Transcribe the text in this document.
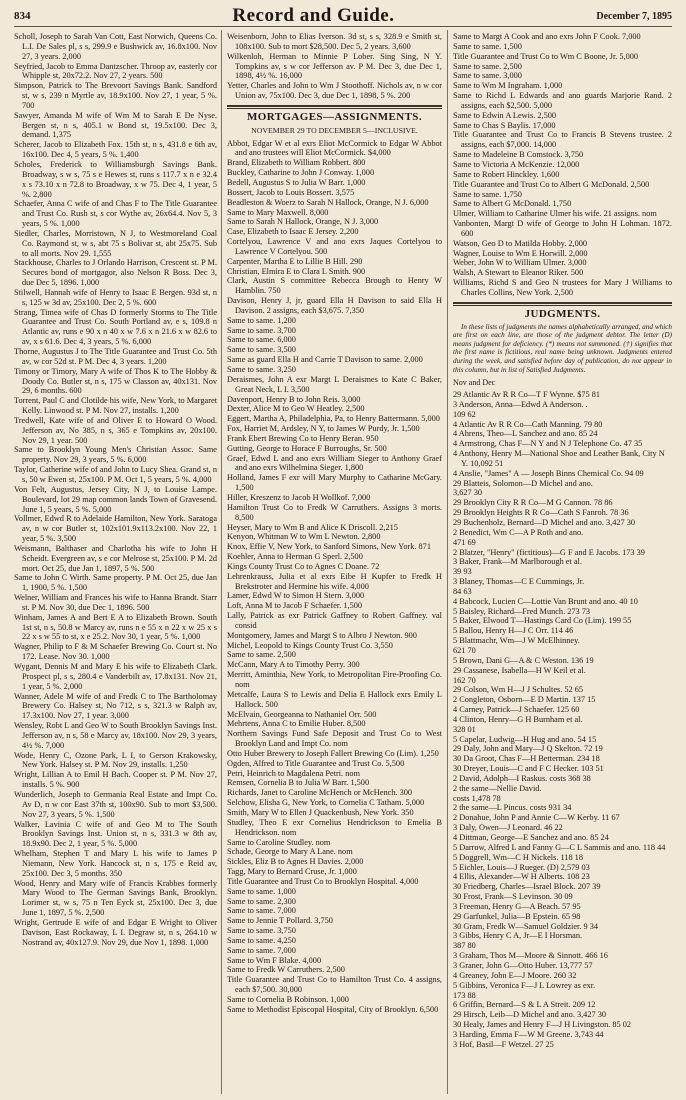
834	Record and Guide.	December 7, 1895

Scholl, Joseph to Sarah Van Cott, East Norwich, Queens Co. L.I. De Sales pl, s s, 299.9 e Bushwick av, 16.8x100. Nov 27, 3 years. 2,000

Seyfried, Jacob to Emma Dantzscher. Throop av, easterly cor Whipple st, 20x72.2. Nov 27, 2 years. 500

Simpson, Patrick to The Brevoort Savings Bank. Sandford st, w s, 239 n Myrtle av, 18.9x100. Nov 27, 1 year, 5 %. 700

Sawyer, Amanda M wife of Wm M to Sarah E De Nyse. Bergen st, n s, 405.1 w Bond st, 19.5x100. Dec 3, demand. 1,375

Scherer, Jacob to Elizabeth Fox. 15th st, n s, 431.8 e 6th av, 16x100. Dec 4, 5 years, 5 %. 1,400

Scholes, Frederick to Williamsburgh Savings Bank. Broadway, s w s, 75 s e Hewes st, runs s 117.7 x n e 32.4 x s 73.10 x n 72.8 to Broadway, x w 75. Dec 4, 1 year, 5 %. 2,800

Schaefer, Anna C wife of and Chas F to The Title Guarantee and Trust Co. Rush st, s cor Wythe av, 26x64.4. Nov 5, 3 years, 5 %. 1,000

Siedler, Charles, Morristown, N J, to Westmoreland Coal Co. Raymond st, w s, abt 75 s Bolivar st, abt 25x75. Sub to all morts. Nov 29. 1,555

Stackhouse, Charles to J Orlando Harrison, Crescent st. P M. Secures bond of mortgagor, also Nelson R Boss. Dec 3, due Dec 5, 1896. 1,000

Stilwell, Hannah wife of Henry to Isaac E Bergen. 93d st, n s, 125 w 3d av, 25x100. Dec 2, 5 %. 600

Strang, Timea wife of Chas D formerly Storms to The Title Guarantee and Trust Co. South Portland av, e s, 109.8 n Atlantic av, runs e 90 x n 40 x w 7.6 x n 21.6 x w 82.6 to av, x s 61.6. Dec 4, 3 years, 5 %. 6,000

Thorne, Augustus J to The Title Guarantee and Trust Co. 5th av, w cor 52d st. P M. Dec 4, 3 years. 1,200

Timony or Timory, Mary A wife of Thos K to The Hobby & Doody Co. Butler st, n s, 175 w Classon av, 40x131. Nov 29, 6 months. 600

Torrent, Paul C and Clotilde his wife, New York, to Margaret Kelly. Linwood st. P M. Nov 27, installs. 1,200

Tredwell, Kate wife of and Oliver E to Howard O Wood. Jefferson av, No 385, n s, 365 e Tompkins av, 20x100. Nov 29, 1 year. 500

Same to Brooklyn Young Men's Christian Assoc. Same property. Nov 29, 3 years, 5 %. 6,000

Taylor, Catherine wife of and John to Lucy Shea. Grand st, n s, 50 w Ewen st, 25x100. P M. Oct 1, 5 years, 5 %. 4,000

Von Felt, Augustus, Jersey City, N J, to Louise Lampe. Boulevard, lot 29 map common lands Town of Gravesend. June 1, 5 years, 5 %. 5,000

Vollmer, Edwd R to Adelaide Hamilton, New York. Saratoga av, n w cor Butler st, 102x101.9x113.2x100. Nov 22, 1 year, 5 %. 3,500

Weismann, Balthaser and Charlotha his wife to John H Scheidt. Evergreen av, s e cor Melrose st, 25x100. P M. 2d mort. Oct 25, due Jan 1, 1897, 5 %. 500

Same to John C Wirth. Same property. P M. Oct 25, due Jan 1, 1900, 5 %. 1,500

Welner, William and Frances his wife to Hanna Brandt. Starr st. P M. Nov 30, due Dec 1, 1896. 500

Winham, James A and Bert E A to Elizabeth Brown. South 1st st, n s, 50.8 w Marcy av, runs n e 55 x n 22 x w 25 x s 22 x s w 55 to st, x e 25.2. Nov 30, 1 year, 5 %. 1,000

Wagner, Philip to F & M Schaefer Brewing Co. Court st. No 172. Lease. Nov 30. 1,000

Wygant, Dennis M and Mary E his wife to Elizabeth Clark. Prospect pl, s s, 280.4 e Vanderbilt av, 17.8x131. Nov 21, 1 year, 5 %. 2,000

Wanner, Adele M wife of and Fredk C to The Bartholomay Brewery Co. Halsey st, No 712, s s, 321.3 w Ralph av, 17.3x100. Nov 27, 1 year. 3,000

Wensley, Robt L and Geo W to South Brooklyn Savings Inst. Jefferson av, n s, 58 e Marcy av, 18x100. Nov 29, 3 years, 4½ %. 7,000

Wode, Henry C, Ozone Park, L I, to Gerson Krakowsky, New York. Halsey st. P M. Nov 29, installs. 1,250

Wright, Lillian A to Emil H Bach. Cooper st. P M. Nov 27, installs. 5 %. 900

Wunderlich, Joseph to Germania Real Estate and Impt Co. Av D, n w cor East 37th st, 100x90. Sub to mort $3,500. Nov 27, 3 years, 5 %. 1,500

Walker, Lavinia C wife of and Geo M to The South Brooklyn Savings Inst. Union st, n s, 331.3 w 8th av, 18.9x90. Dec 2, 1 year, 5 %. 5,000

Whelham, Stephen T and Mary L his wife to James P Niemann, New York. Hancock st, n s, 175 e Reid av, 25x100. Dec 3, 5 months. 350

Wood, Henry and Mary wife of Francis Krabbes formerly Mary Wood to The German Savings Bank, Brooklyn. Lorimer st, w s, 75 n Ten Eyck st, 25x100. Dec 3, due June 1, 1897, 5 %. 2,500

Wright, Gertrude E wife of and Edgar E Wright to Oliver Davison, East Rockaway, L I. Degraw st, n s, 264.10 w Nostrand av, 40x127.9. Nov 29, due Nov 1, 1898. 1,000

Weisenborn, John to Elias Iverson. 3d st, s s, 328.9 e Smith st, 108x100. Sub to mort $28,500. Dec 5, 2 years. 3,600

Wilkenloh, Herman to Minnie P Lober. Sing Sing, N Y. Tompkins av, s w cor Jefferson av. P M. Dec 3, due Dec 1, 1898, 4½ %. 16,000

Yetter, Charles and John to Wm J Stoothoff. Nichols av, n w cor Union av, 75x100. Dec 3, due Dec 1, 1898, 5 %. 200

MORTGAGES—ASSIGNMENTS.
NOVEMBER 29 TO DECEMBER 5—INCLUSIVE.

Abbot, Edgar W et al exrs Eliot McCormick to Edgar W Abbot and ano trustees will Eliot McCormick. $4,000

Brand, Elizabeth to William Robbert. 800

Buckley, Catharine to John J Conway. 1,000

Bedell, Augustus S to Julia W Barr. 1,000

Bossert, Jacob to Louis Bossert. 3,575

Beadleston & Woerz to Sarah N Hallock, Orange, N J. 6,000

Same to Mary Maxwell. 8,000

Same to Sarah N Hallock, Orange, N J. 3,000

Case, Elizabeth to Isaac E Jersey. 2,200

Cortelyou, Lawrence V and ano exrs Jaques Cortelyou to Lawrence V Cortelyou. 500

Carpenter, Martha E to Lillie B Hill. 290

Christian, Elmira E to Clara L Smith. 900

Clark, Austin S committee Rebecca Brough to Henry W Hamblin. 750

Davison, Henry J, jr, guard Ella H Davison to said Ella H Davison. 2 assigns, each $3,675. 7,350

Same to same. 1,200

Same to same. 3,700

Same to same. 6,000

Same to same. 3,500

Same as guard Ella H and Carrie T Davison to same. 2,000

Same to same. 3,250

Deraismes, John A exr Margt L Deraismes to Kate C Baker, Great Neck, L I. 3,500

Davenport, Henry B to John Reis. 3,000

Dexter, Alice M to Geo W Heatley. 2,500

Eggert, Martha A, Philadelphia, Pa, to Henry Battermann. 5,000

Fox, Harriet M, Ardsley, N Y, to James W Purdy, Jr. 1,500

Frank Ebert Brewing Co to Henry Beran. 950

Gutting, George to Horace F Burroughs, Sr. 500

Graef, Edwd L and ano exrs William Sieger to Anthony Graef and ano exrs Wilhelmina Sieger. 1,800

Holland, James F exr will Mary Murphy to Catharine McGary. 1,500

Hiller, Kreszenz to Jacob H Wollkof. 7,000

Hamilton Trust Co to Fredk W Carruthers. Assigns 3 morts. 8,500

Heyser, Mary to Wm B and Alice K Driscoll. 2,215

Kenyon, Whitman W to Wm L Newton. 2,800

Knox, Effie V, New York, to Sanford Simons, New York. 871

Koehler, Anna to Herman G Sperl. 2,500

Kings County Trust Co to Agnes C Doane. 72

Lehrenkrauss, Julia et al exrs Eibe H Kupfer to Fredk H Brekstroter and Hermine his wife. 4,000

Lamer, Edwd W to Simon H Stern. 3,000

Loft, Anna M to Jacob F Schaefer. 1,500

Lally, Patrick as exr Patrick Gaffney to Robert Gaffney. val consid

Montgomery, James and Margt S to Albro J Newton. 900

Michel, Leopold to Kings County Trust Co. 3,550

Same to same. 2,500

McCann, Mary A to Timothy Perry. 300

Merritt, Aminthia, New York, to Metropolitan Fire-Proofing Co. nom

Metcalfe, Laura S to Lewis and Delia E Hallock exrs Emily L Hallock. 500

McElvain, Georgeanna to Nathaniel Orr. 500

Mehrtens, Anna C to Emilie Huber. 8,500

Northern Savings Fund Safe Deposit and Trust Co to West Brooklyn Land and Impt Co. nom

Otto Huber Brewery to Joseph Fallert Brewing Co (Lim). 1,250

Ogden, Alfred to Title Guarantee and Trust Co. 5,500

Petri, Heinrich to Magdalena Petri. nom

Remsen, Cornelia B to Julia W Barr. 1,500

Richards, Janet to Caroline McHench or McHench. 300

Selchow, Elisha G, New York, to Cornelia C Tatham. 5,000

Smith, Mary W to Ellen J Quackenbush, New York. 350

Studley, Theo E exr Cornelius Hendrickson to Emelia B Hendrickson. nom

Same to Caroline Studley. nom

Schade, George to Mary A Lane. nom

Sickles, Eliz B to Agnes H Davies. 2,000

Tagg, Mary to Bernard Cruse, Jr. 1,000

Title Guarantee and Trust Co to Brooklyn Hospital. 4,000

Same to same. 1,000

Same to same. 2,300

Same to same. 7,000

Same to Jennie T Pollard. 3,750

Same to same. 3,750

Same to same. 4,250

Same to same. 7,000

Same to Wm F Blake. 4,000

Same to Fredk W Carruthers. 2,500

Title Guarantee and Trust Co to Hamilton Trust Co. 4 assigns, each $7,500. 30,000

Same to Cornelia B Robinson. 1,000

Same to Methodist Episcopal Hospital, City of Brooklyn. 6,500

Same to Margt A Cook and ano exrs John F Cook. 7,000

Same to same. 1,500

Title Guarantee and Trust Co to Wm C Boone, Jr. 5,000

Same to same. 2,500

Same to same. 3,000

Same to Wm M Ingraham. 1,000

Same to Richd L Edwards and ano guards Marjorie Rand. 2 assigns, each $2,500. 5,000

Same to Edwin A Lewis. 2,500

Same to Chas S Baylis. 17,000

Title Guarantee and Trust Co to Francis B Stevens trustee. 2 assigns, each $7,000. 14,000

Same to Madeleine B Comstock. 3,750

Same to Victoria A McKenzie. 12,000

Same to Robert Hinckley. 1,600

Title Guarantee and Trust Co to Albert G McDonald. 2,500

Same to same. 1,750

Same to Albert G McDonald. 1,750

Ulmer, William to Catharine Ulmer his wife. 21 assigns. nom

Vanbonten, Margt D wife of George to John H Lohman. 1872. 600

Watson, Geo D to Matilda Hobby. 2,000

Wagner, Louise to Wm E Horwill. 2,000

Weber, John W to William Ulmer. 3,000

Walsh, A Stewart to Eleanor Riker. 500

Williams, Richd S and Geo N trustees for Mary J Williams to Charles Collins, New York. 2,500

JUDGMENTS.

In these lists of judgments the names alphabetically arranged, and which are first on each line, are those of the judgment debtor. The letter (D) means judgment for deficiency. (*) means not summoned. (†) signifies that the first name is fictitious, real name being unknown. Judgments entered during the week, and satisfied before day of publication, do not appear in this column, but in list of Satisfied Judgments.

Nov and Dec

29 Atlantic Av R R Co—T F Wynne. $75 81

3 Anderson, Anna—Edwd A Anderson. .

109 62

4 Atlantic Av R R Co—Cath Manning. 79 80

4 Ahrens, Theo—L Sanchez and ano. 85 24

4 Armstrong, Chas F—N Y and N J Telephone Co. 47 35

4 Anthony, Henry M—National Shoe and Leather Bank, City N Y. 10,092 51

4 Anslie, "James" A — Joseph Binns Chemical Co. 94 09

29 Blatteis, Solomon—D Michel and ano.

3,627 30

29 Brooklyn City R R Co—M G Cannon. 78 86

29 Brooklyn Heights R R Co—Cath S Fanroh. 78 36

29 Buchenholz, Bernard—D Michel and ano. 3,427 30

2 Benedict, Wm C—A P Roth and ano.

471 69

2 Blatzer, "Henry" (fictitious)—G F and E Jacobs. 173 39

3 Baker, Frank—M Marlborough et al.

39 93

3 Blaney, Thomas—C E Cummings, Jr.

84 63

4 Babcock, Lucien C—Lottie Van Brunt and ano. 40 10

5 Baisley, Richard—Fred Munch. 273 73

5 Baker, Elwood T—Hastings Card Co (Lim). 199 55

5 Ballou, Henry H—J C Orr. 114 46

5 Blattmachr, Wm—J W McElhinney.

621 70

5 Brown, Dani G—A & C Weston. 136 19

29 Cassanese, Isabella—H W Keil et al.

162 70

29 Colson, Wm H—J J Schultes. 52 65

2 Congleton, Osborn—E D Martin. 137 15

4 Carney, Patrick—J Schaefer. 125 60

4 Clinton, Henry—G H Burnham et al.

328 01

5 Capelar, Ludwig—H Hug and ano. 54 15

29 Daly, John and Mary—J Q Skelton. 72 19

30 Da Groot, Chas F—H Betterman. 234 18

30 Dreyer, Louis—C and F C Hecker. 103 51

2 David, Adolph—I Raskus. costs 368 38

2 the same—Nellie David.

costs 1,478 78

2 the same—L Pincus. costs 931 34

2 Donahue, John P and Annie C—W Kerby. 11 67

3 Daly, Owen—J Leonard. 46 22

4 Dittman, George—E Sanchez and ano. 85 24

5 Darrow, Alfred L and Fanny G—C L Sammis and ano. 118 44

5 Doggrell, Wm—C H Nickels. 118 18

5 Eichler, Louis—J Rueger. (D) 2,579 03

4 Ellis, Alexander—W H Alberts. 108 23

30 Friedberg, Charles—Israel Block. 207 39

30 Frost, Frank—S Levinson. 30 09

3 Freeman, Henry G—A Beach. 57 95

29 Garfunkel, Julia—B Epstein. 65 98

30 Gram, Fredk W—Samuel Goldzier. 9 34

3 Gibbs, Henry C A, Jr—E I Horsman.

387 80

3 Graham, Thos M—Moore & Sinnott. 466 16

3 Graner, John G—Otto Huber. 13,777 57

4 Greaney, John E—J Moore. 260 32

5 Gibbins, Veronica F—J L Lowrey as exr.

173 88

6 Griffin, Bernard—S & L A Streit. 209 12

29 Hirsch, Leib—D Michel and ano. 3,427 30

30 Healy, James and Henry F—J H Livingston. 85 02

3 Harding, Emma F—W M Greene. 3,743 44

3 Hof, Basil—F Wetzel. 27 25
